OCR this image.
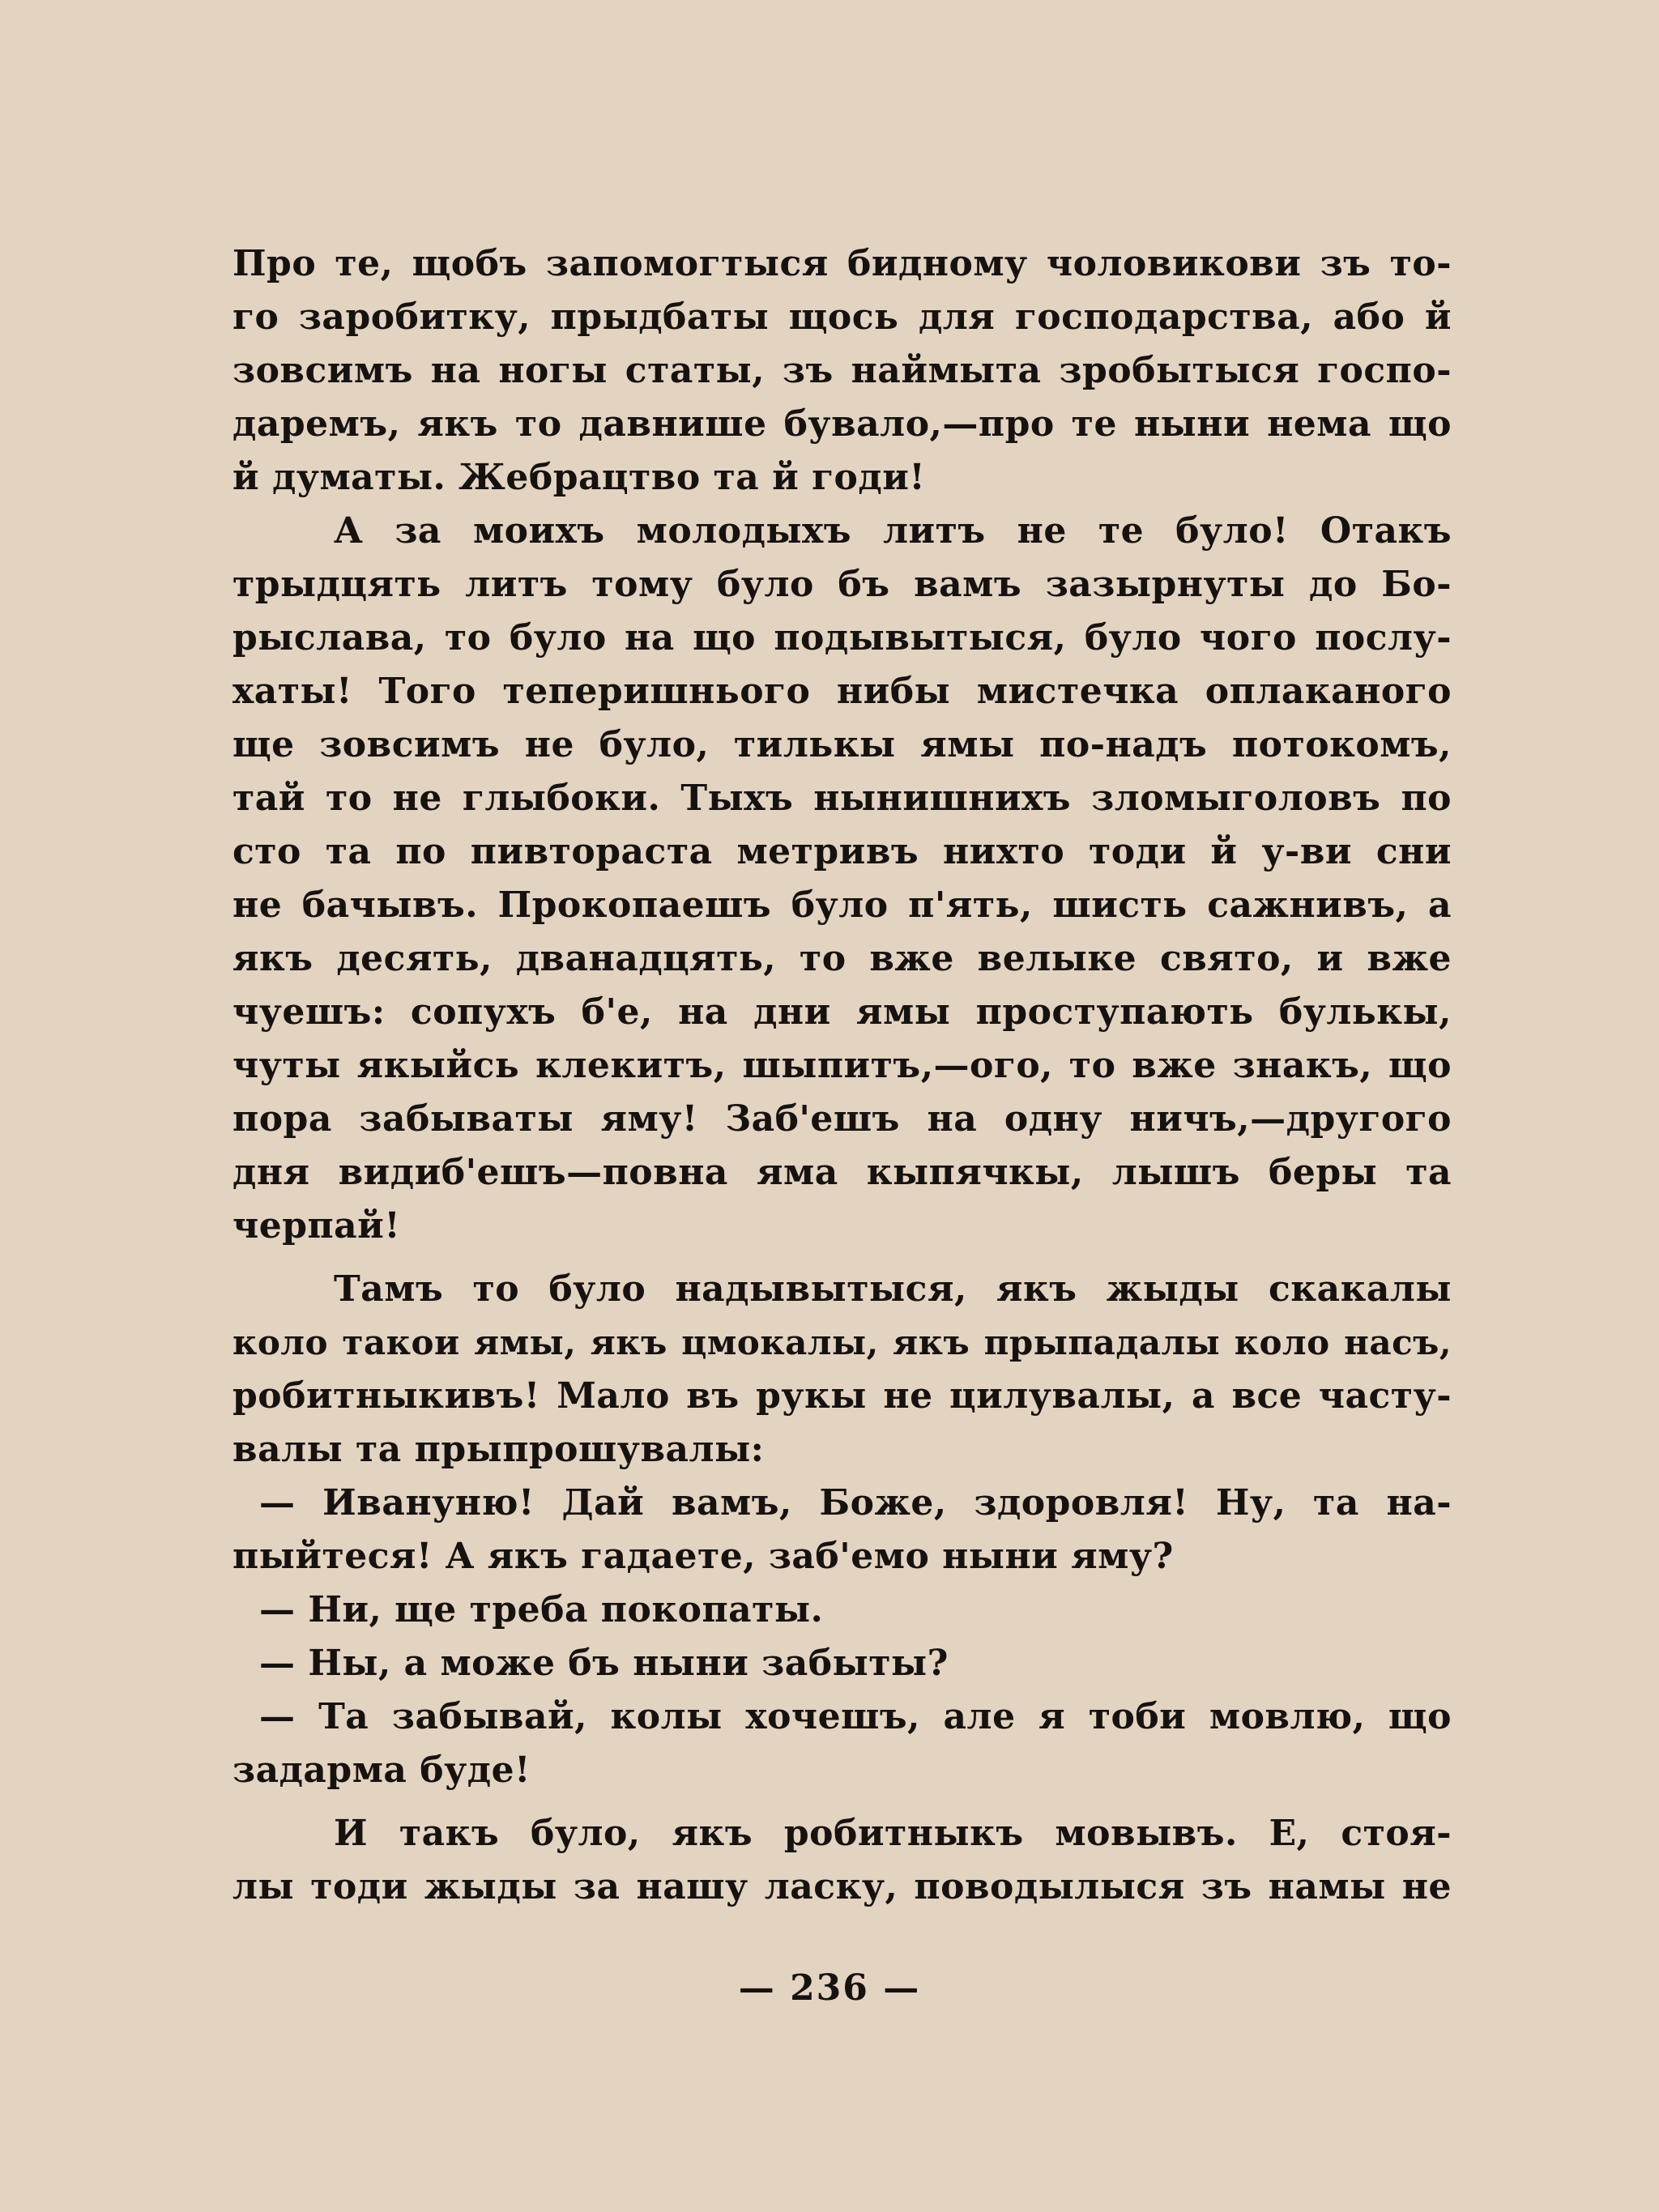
Про те, щобъ запомогтыся бидному чоловикови зъ то-
го заробитку, прыдбаты щось для господарства, або й
зовсимъ на ногы статы, зъ наймыта зробытыся госпо-
даремъ, якъ то давнише бувало,—про те ныни нема що
й думаты. Жебрацтво та й годи!
А за моихъ молодыхъ литъ не те було! Отакъ
трыдцять литъ тому було бъ вамъ зазырнуты до Бо-
рыслава, то було на що подывытыся, було чого послу-
хаты! Того теперишнього нибы мистечка оплаканого
ще зовсимъ не було, тилькы ямы по-надъ потокомъ,
тай то не глыбоки. Тыхъ нынишнихъ зломыголовъ по
сто та по пивтораста метривъ нихто тоди й у-ви сни
не бачывъ. Прокопаешъ було п'ять, шисть сажнивъ, а
якъ десять, дванадцять, то вже велыке свято, и вже
чуешъ: сопухъ б'е, на дни ямы проступають булькы,
чуты якыйсь клекитъ, шыпитъ,—ого, то вже знакъ, що
пора забываты яму! Заб'ешъ на одну ничъ,—другого
дня видиб'ешъ—повна яма кыпячкы, лышъ беры та
черпай!
Тамъ то було надывытыся, якъ жыды скакалы
коло такои ямы, якъ цмокалы, якъ прыпадалы коло насъ,
робитныкивъ! Мало въ рукы не цилувалы, а все часту-
валы та прыпрошувалы:
— Ивануню! Дай вамъ, Боже, здоровля! Ну, та на-
пыйтеся! А якъ гадаете, заб'емо ныни яму?
— Ни, ще треба покопаты.
— Ны, а може бъ ныни забыты?
— Та забывай, колы хочешъ, але я тоби мовлю, що
задарма буде!
И такъ було, якъ робитныкъ мовывъ. Е, стоя-
лы тоди жыды за нашу ласку, поводылыся зъ намы не
— 236 —
